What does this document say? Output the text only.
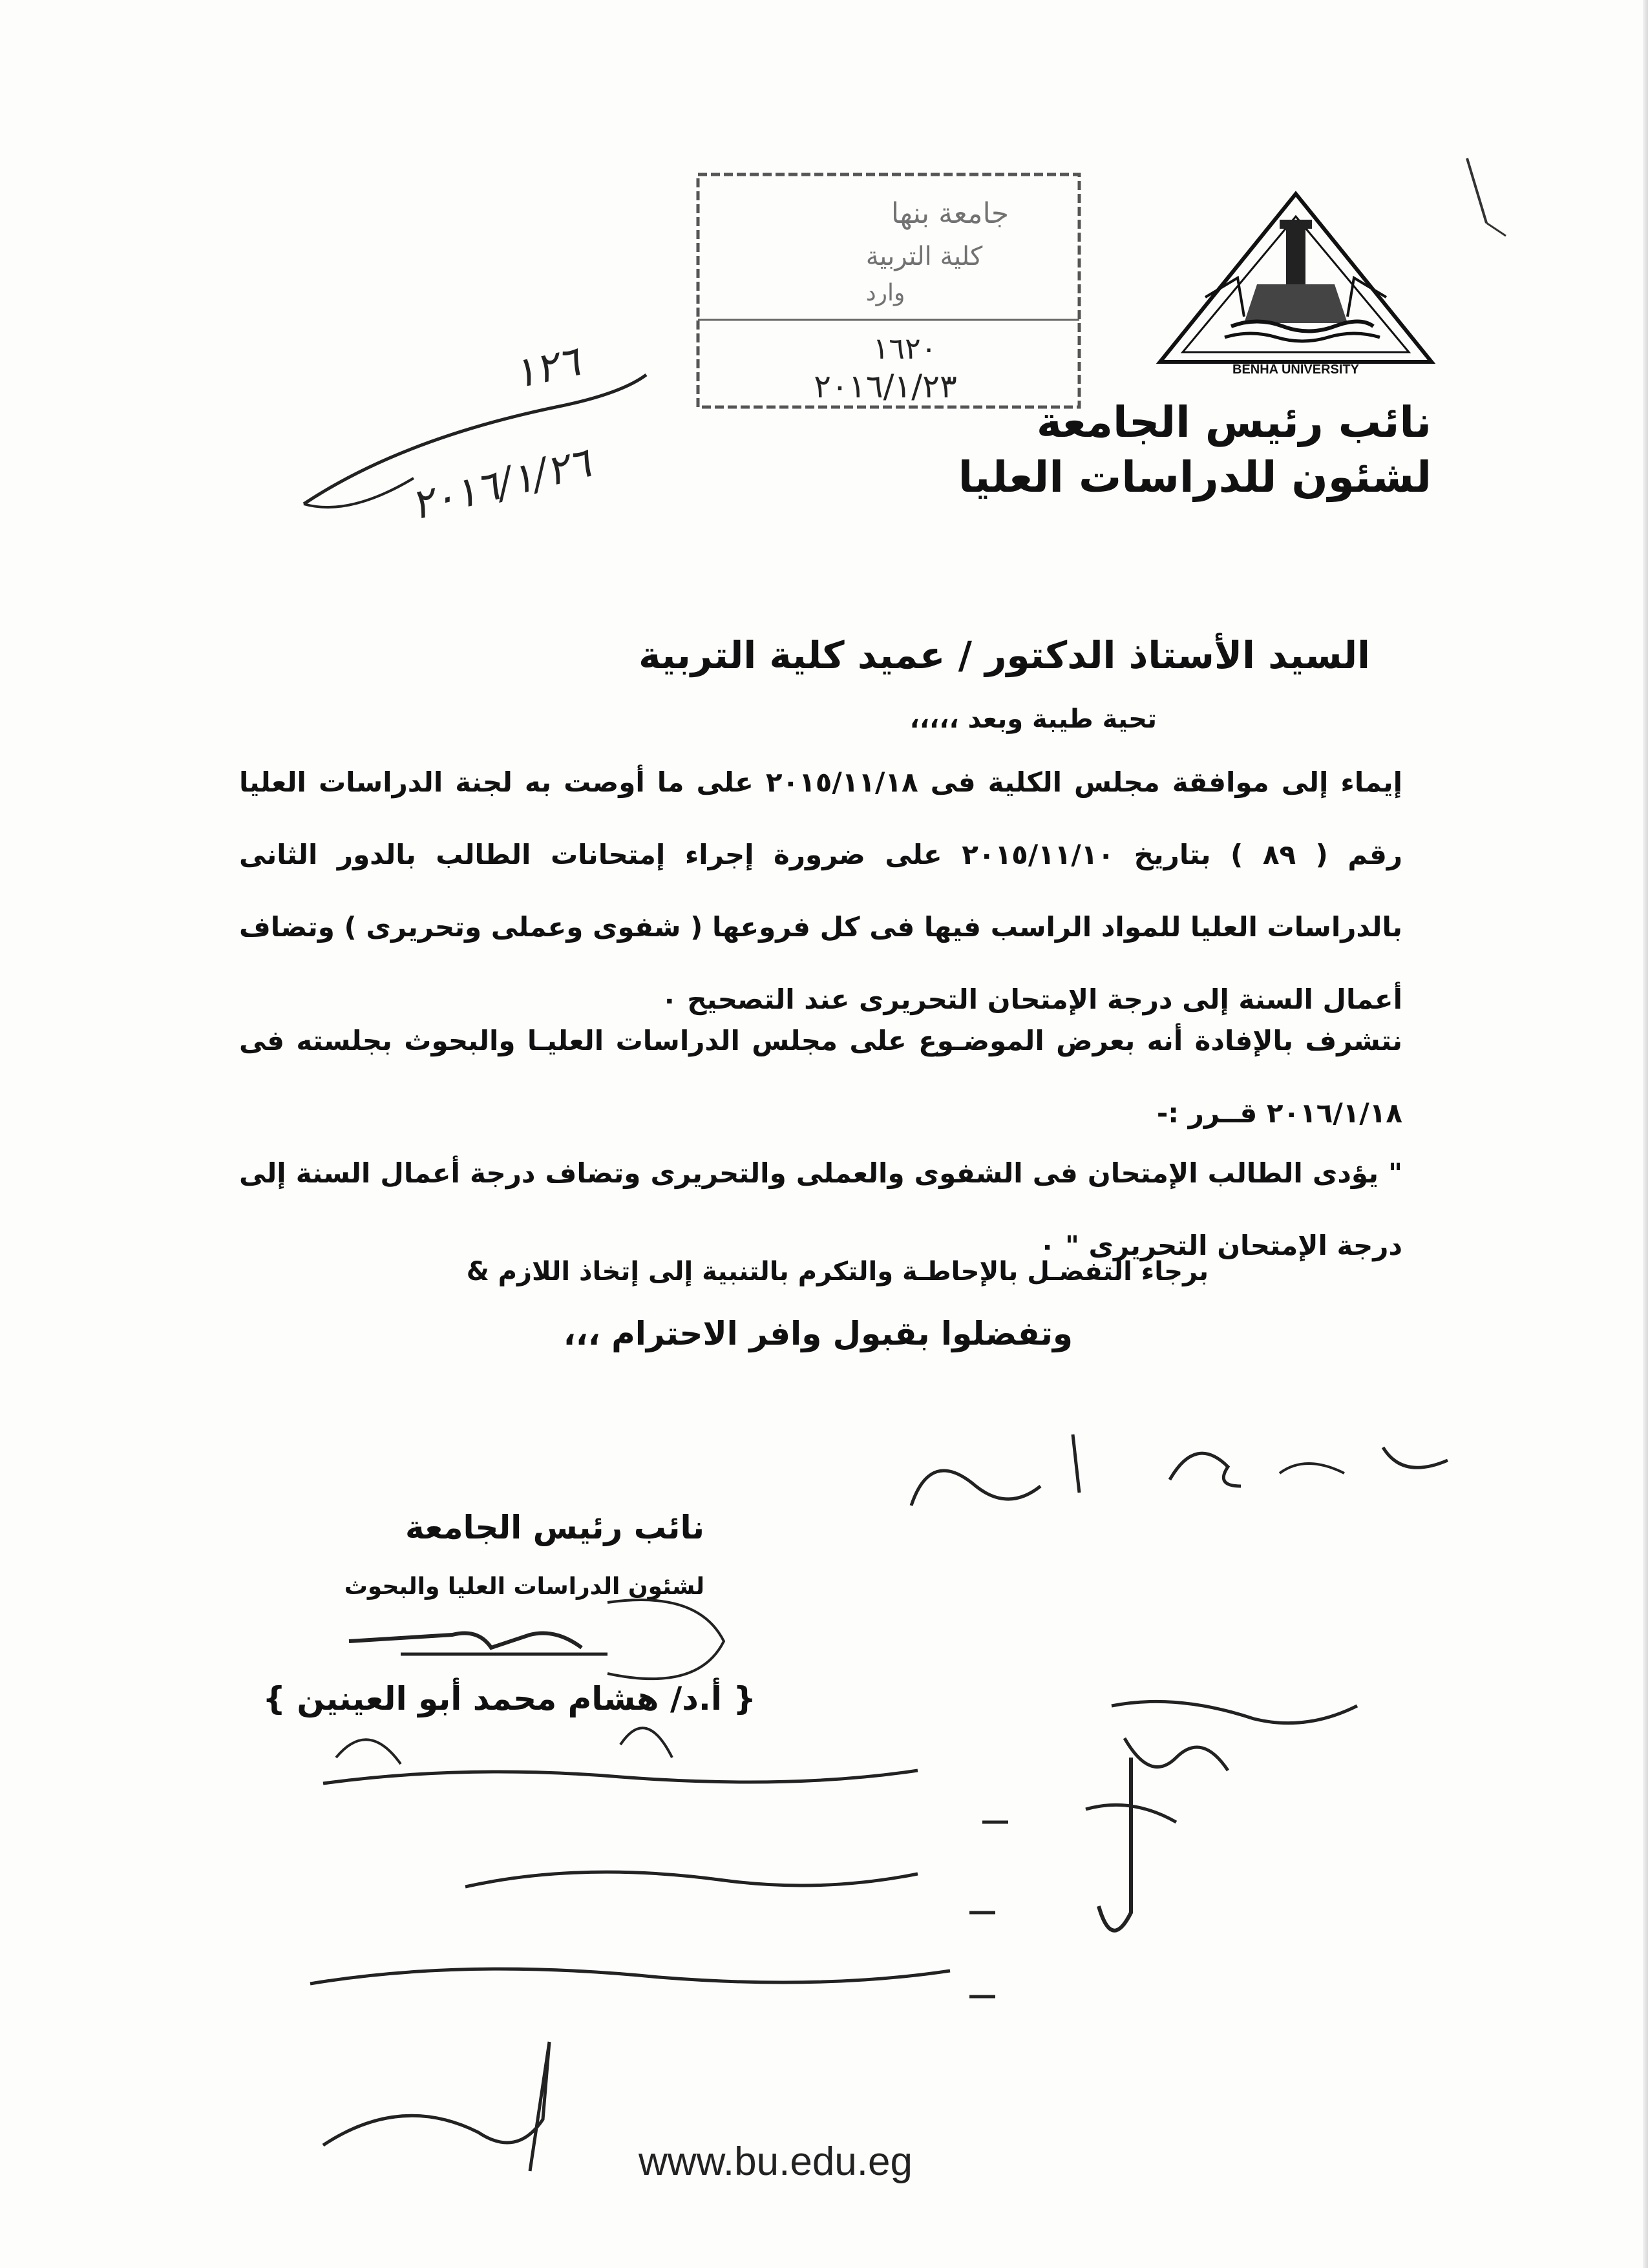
BENHA UNIVERSITY
نائب رئيس الجامعة
لشئون للدراسات العليا
جامعة بنها
كلية التربية
وارد
١٦٢٠
٢٠١٦/١/٢٣
١٢٦
٢٠١٦/١/٢٦
السيد الأستاذ الدكتور / عميد كلية التربية
تحية طيبة وبعد ،،،،،
إيماء إلى موافقة مجلس الكلية فى ٢٠١٥/١١/١٨ على ما أوصت به لجنة الدراسات العليا رقم ( ٨٩ ) بتاريخ ٢٠١٥/١١/١٠ على ضرورة إجراء إمتحانات الطالب بالدور الثانى بالدراسات العليا للمواد الراسب فيها فى كل فروعها ( شفوى وعملى وتحريرى ) وتضاف أعمال السنة إلى درجة الإمتحان التحريرى عند التصحيح ٠
نتشرف بالإفادة أنه بعرض الموضـوع على مجلس الدراسات العليـا والبحوث بجلسته فى ٢٠١٦/١/١٨ قــرر :-
" يؤدى الطالب الإمتحان فى الشفوى والعملى والتحريرى وتضاف درجة أعمال السنة إلى درجة الإمتحان التحريرى " ٠
برجاء التفضـل بالإحاطـة والتكرم بالتنبية إلى إتخاذ اللازم &
وتفضلوا بقبول وافر الاحترام ،،،
نائب رئيس الجامعة
لشئون الدراسات العليا والبحوث
{ أ.د/ هشام محمد أبو العينين }
www.bu.edu.eg
